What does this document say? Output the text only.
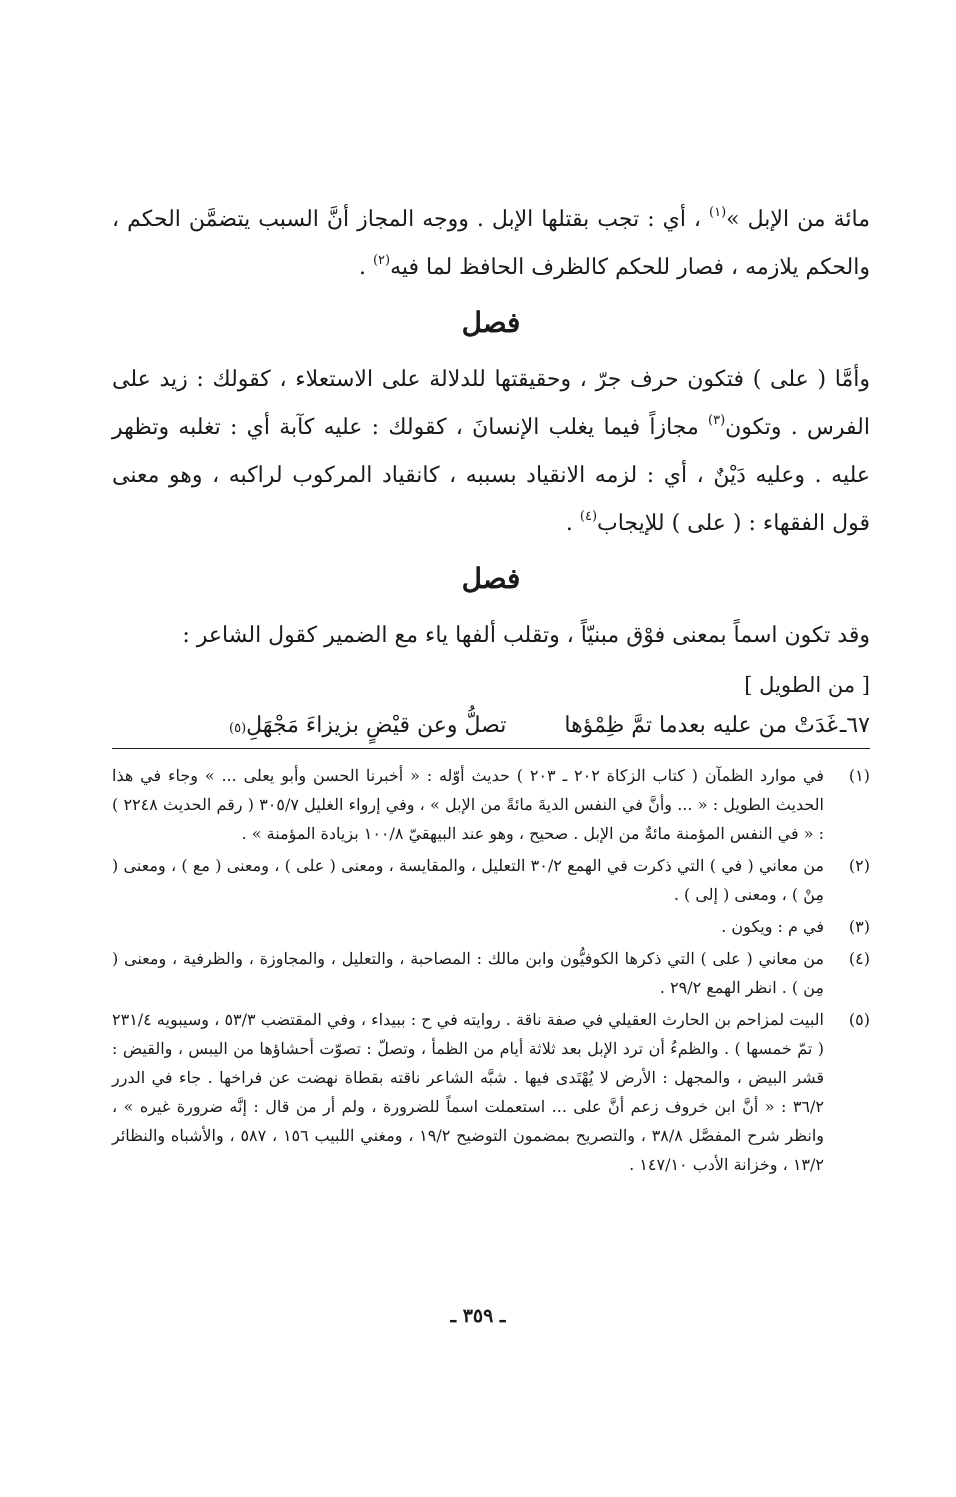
مائة من الإبل »$^{(١)}$ ، أي : تجب بقتلها الإبل . ووجه المجاز أنَّ السبب يتضمَّن الحكم ، والحكم يلازمه ، فصار للحكم كالظرف الحافظ لما فيه$^{(٢)}$ .

فصل

وأمَّا ( على ) فتكون حرف جرّ ، وحقيقتها للدلالة على الاستعلاء ، كقولك : زيد على الفرس . وتكون$^{(٣)}$ مجازاً فيما يغلب الإنسانَ ، كقولك : عليه كآبة أي : تغلبه وتظهر عليه . وعليه دَيْنٌ ، أي : لزمه الانقياد بسببه ، كانقياد المركوب لراكبه ، وهو معنى قول الفقهاء : ( على ) للإيجاب$^{(٤)}$ .

فصل

وقد تكون اسماً بمعنى فوْق مبنيّاً ، وتقلب ألفها ياء مع الضمير كقول الشاعر :

[ من الطويل ]

٦٧ـ
غَدَتْ من عليه بعدما تمَّ ظِمْؤها
تصلُّ وعن قيْضٍ بزيزاءَ مَجْهَلِ
(٥)
(١)
في موارد الظمآن ( كتاب الزكاة ٢٠٢ ـ ٢٠٣ ) حديث أوّله : « أخبرنا الحسن وأبو يعلى ... » وجاء في هذا الحديث الطويل : « ... وأنَّ في النفس الديةَ مائةً من الإبل » ، وفي إرواء الغليل ٣٠٥/٧ ( رقم الحديث ٢٢٤٨ ) : « في النفس المؤمنة مائةٌ من الإبل . صحيح ، وهو عند البيهقيّ ١٠٠/٨ بزيادة المؤمنة » .
(٢)
من معاني ( في ) التي ذكرت في الهمع ٣٠/٢ التعليل ، والمقايسة ، ومعنى ( على ) ، ومعنى ( مع ) ، ومعنى ( مِنْ ) ، ومعنى ( إلى ) .
(٣)
في م : ويكون .
(٤)
من معاني ( على ) التي ذكرها الكوفيُّون وابن مالك : المصاحبة ، والتعليل ، والمجاوزة ، والظرفية ، ومعنى ( مِن ) . انظر الهمع ٢٩/٢ .
(٥)
البيت لمزاحم بن الحارث العقيلي في صفة ناقة . روايته في ح : ببيداء ، وفي المقتضب ٥٣/٣ ، وسيبويه ٢٣١/٤ ( تمّ خمسها ) . والظمءُ أن ترد الإبل بعد ثلاثة أيام من الظمأ ، وتصلّ : تصوّت أحشاؤها من اليبس ، والقيض : قشر البيض ، والمجهل : الأرض لا يُهْتَدى فيها . شبَّه الشاعر ناقته بقطاة نهضت عن فراخها . جاء في الدرر ٣٦/٢ : « أنَّ ابن خروف زعم أنَّ على ... استعملت اسماً للضرورة ، ولم أر من قال : إنَّه ضرورة غيره » ، وانظر شرح المفصَّل ٣٨/٨ ، والتصريح بمضمون التوضيح ١٩/٢ ، ومغني اللبيب ١٥٦ ، ٥٨٧ ، والأشباه والنظائر ١٣/٢ ، وخزانة الأدب ١٤٧/١٠ .
ـ ٣٥٩ ـ
